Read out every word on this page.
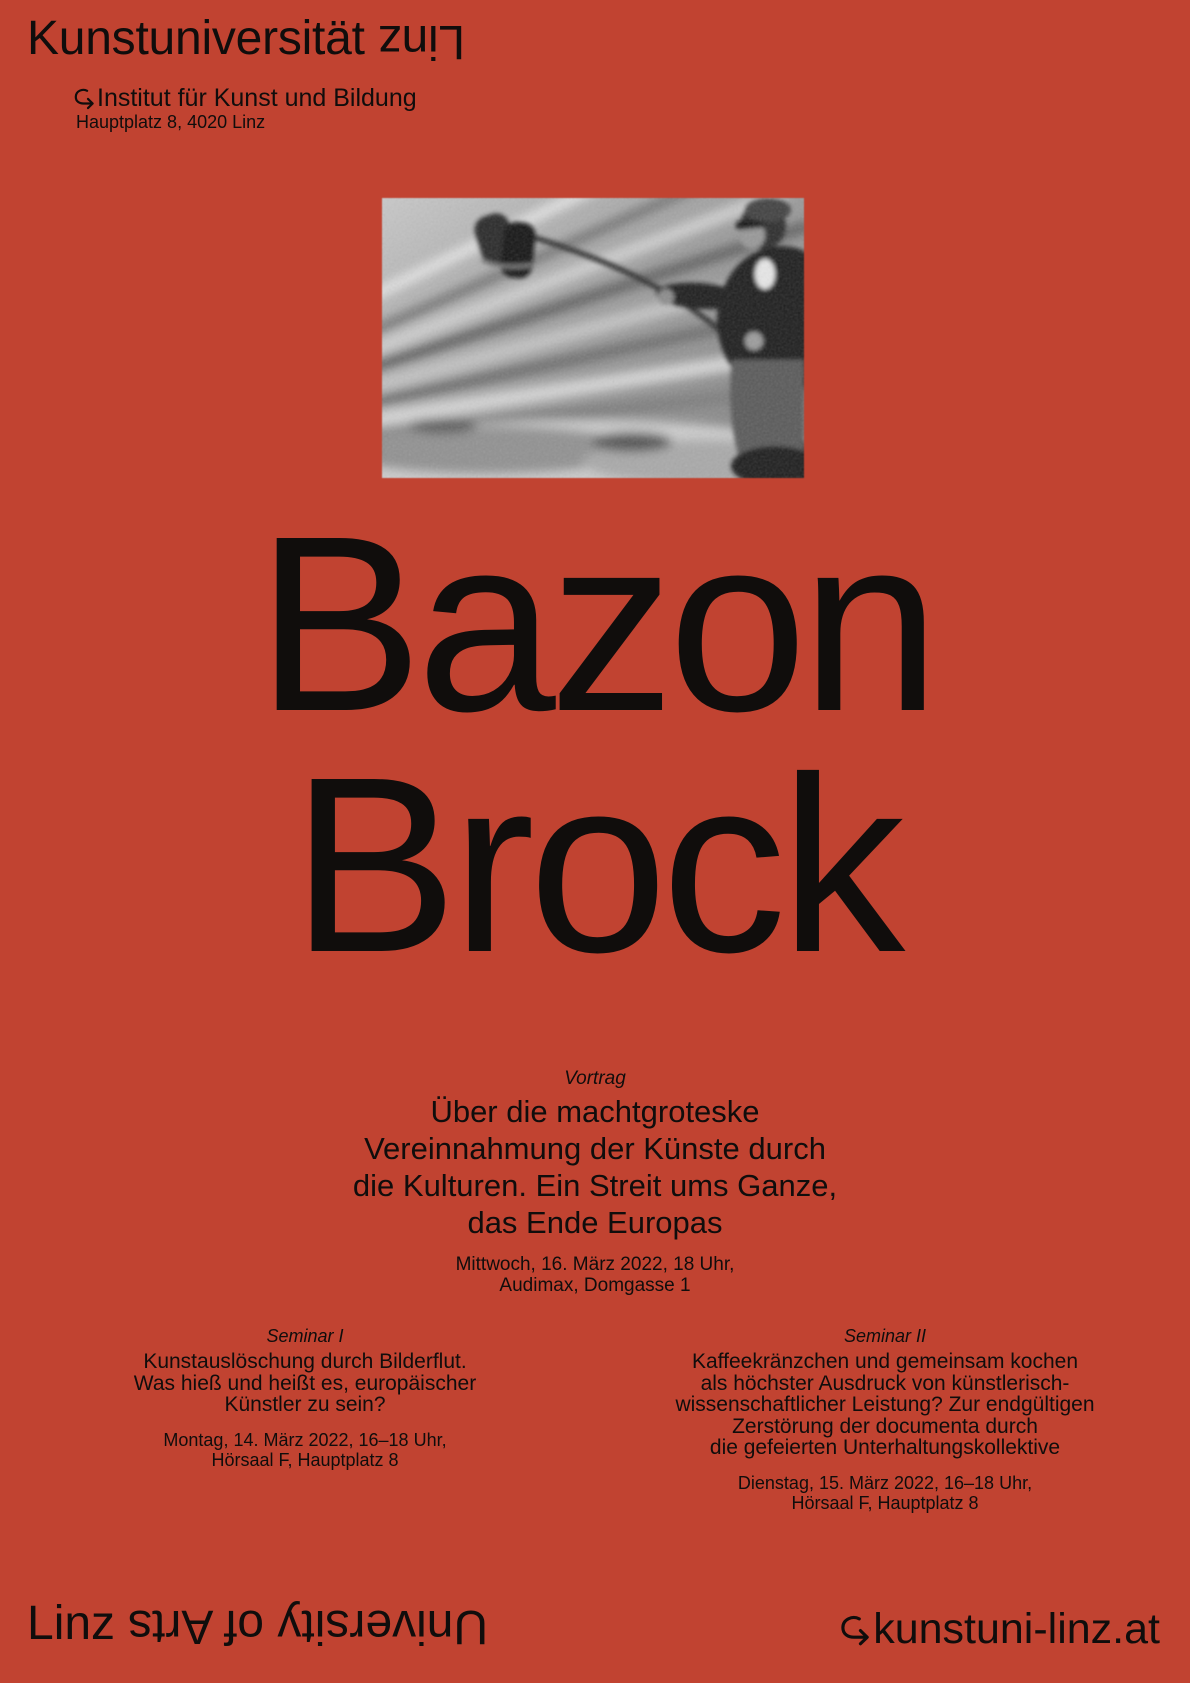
Kunstuniversität Linz
Institut für Kunst und Bildung
Hauptplatz 8, 4020 Linz
Bazon
Brock
Vortrag
Über die machtgroteske
Vereinnahmung der Künste durch
die Kulturen. Ein Streit ums Ganze,
das Ende Europas
Mittwoch, 16. März 2022, 18 Uhr,
Audimax, Domgasse 1
Seminar I
Kunstauslöschung durch Bilderflut.
Was hieß und heißt es, europäischer
Künstler zu sein?
Montag, 14. März 2022, 16–18 Uhr,
Hörsaal F, Hauptplatz 8
Seminar II
Kaffeekränzchen und gemeinsam kochen
als höchster Ausdruck von künstlerisch-
wissenschaftlicher Leistung? Zur endgültigen
Zerstörung der documenta durch
die gefeierten Unterhaltungskollektive
Dienstag, 15. März 2022, 16–18 Uhr,
Hörsaal F, Hauptplatz 8
Linz University of Arts	kunstuni-linz.at
